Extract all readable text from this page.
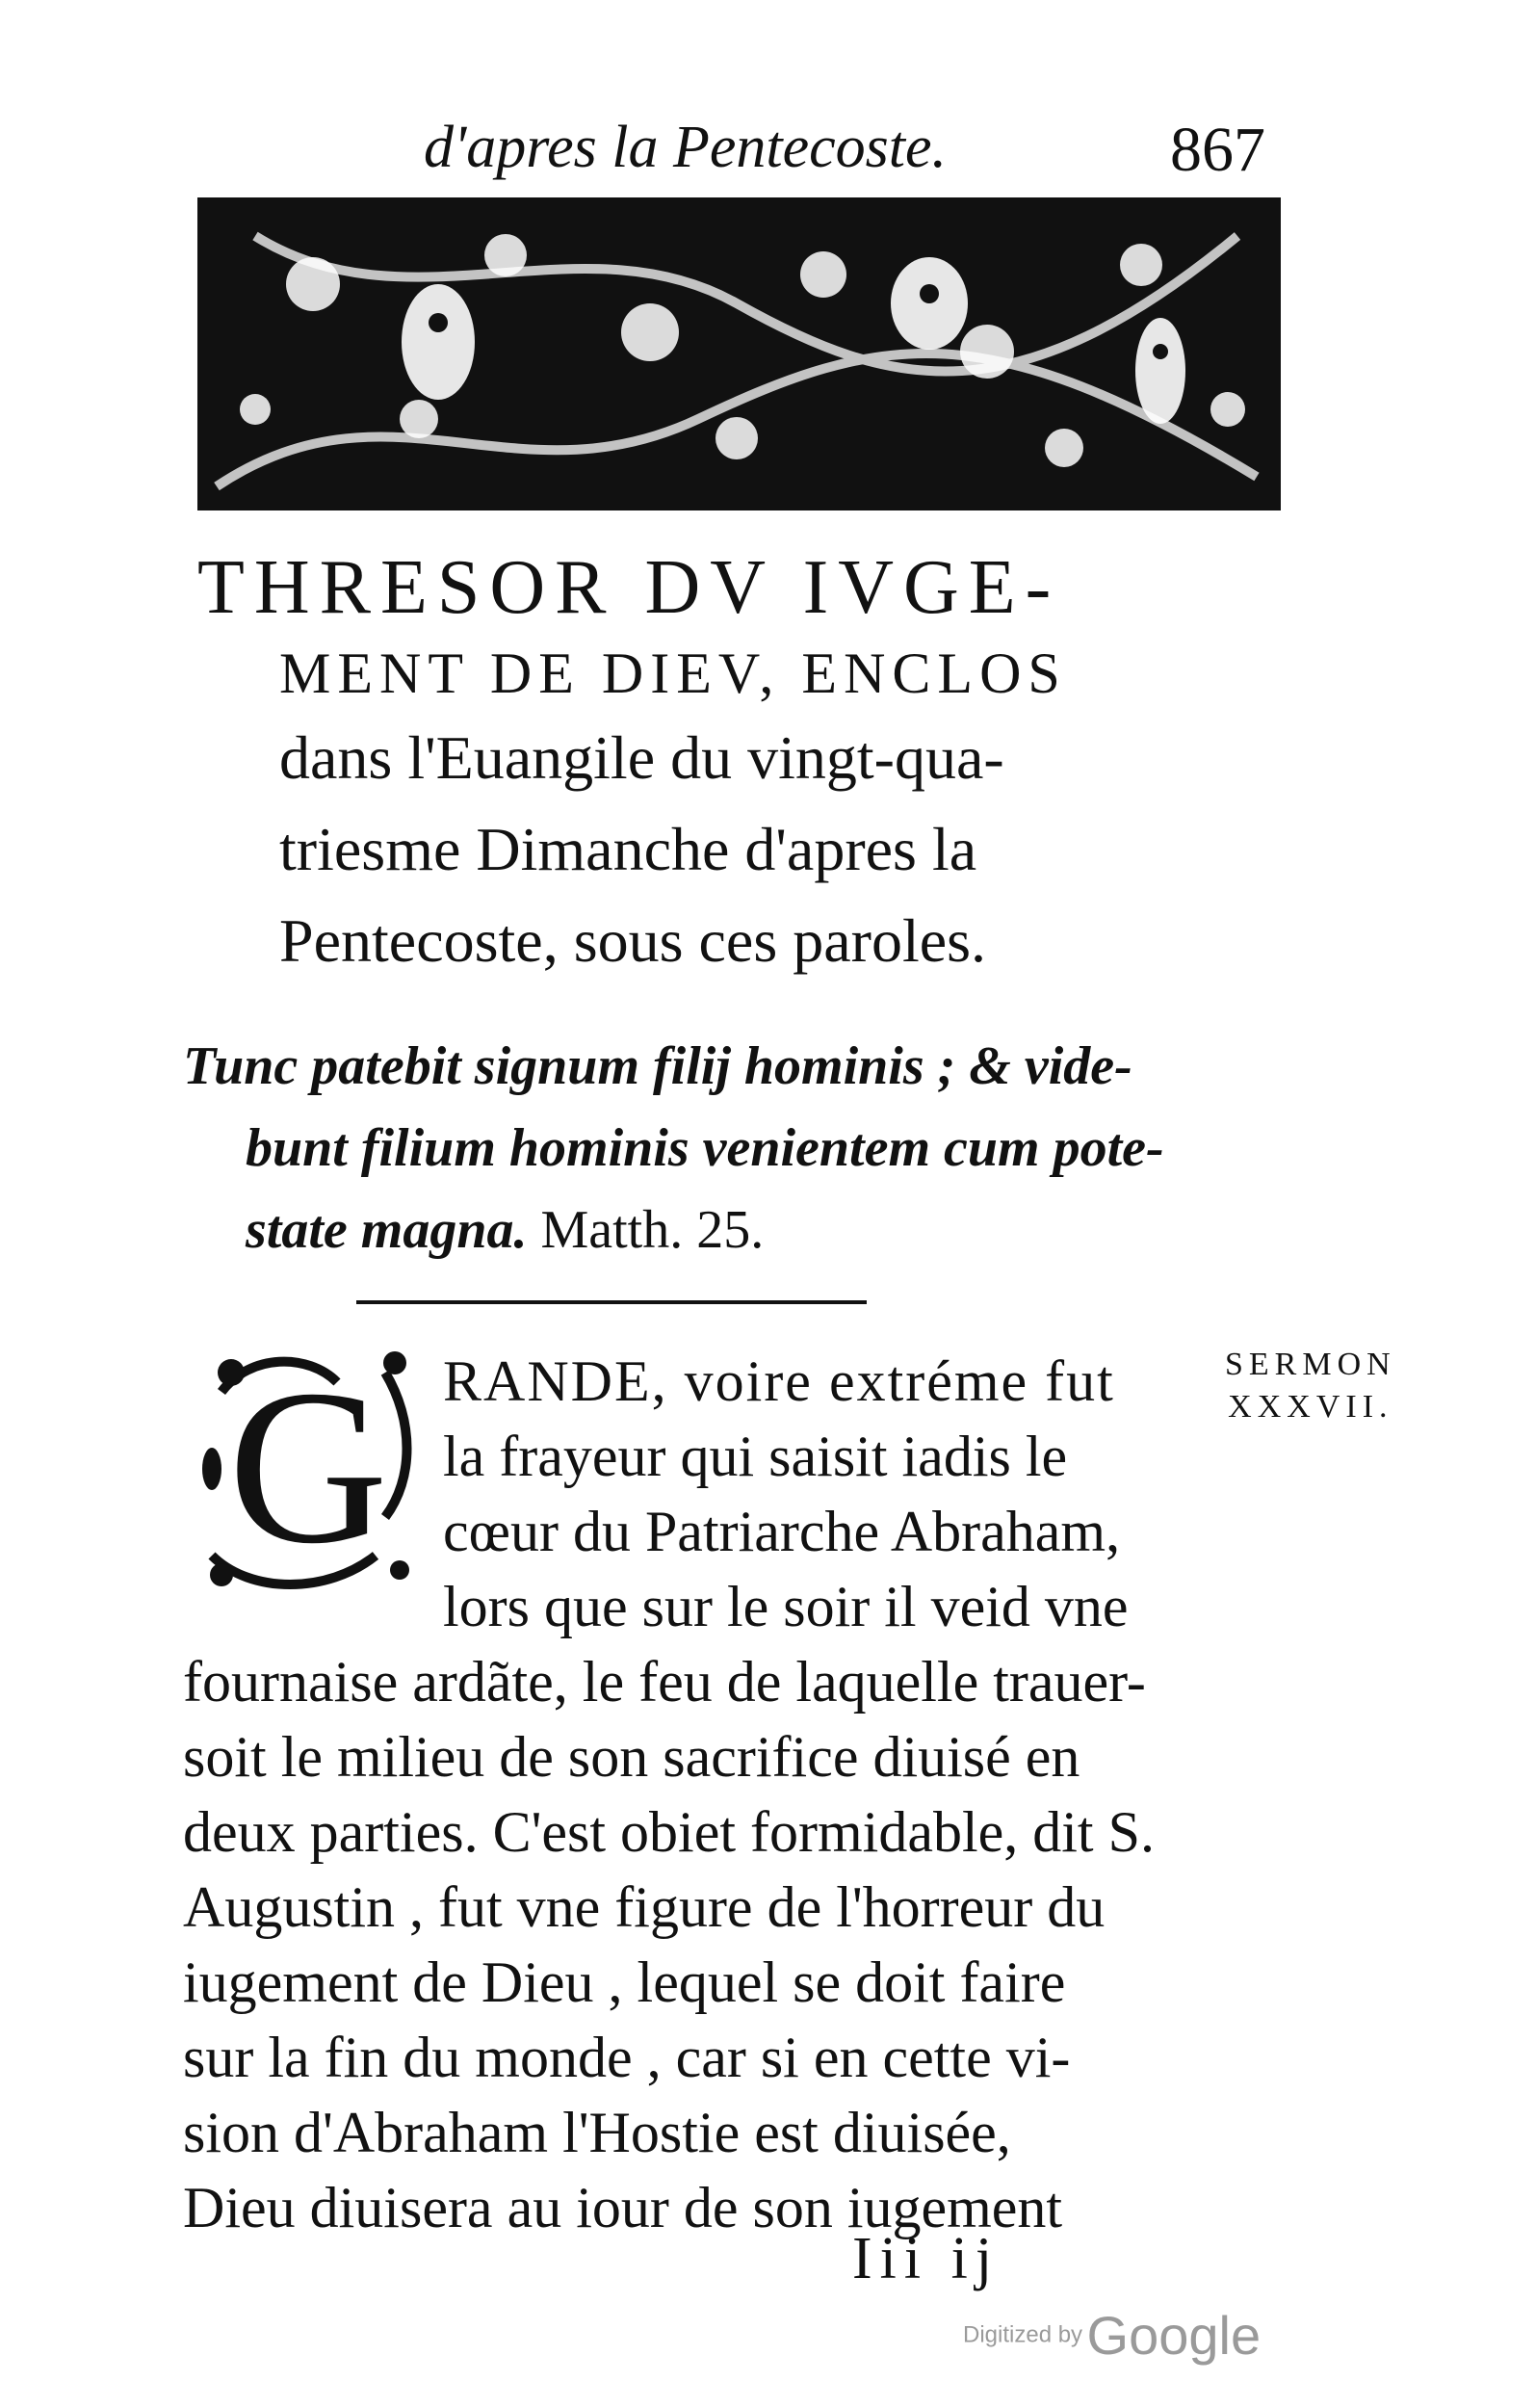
d'apres la Pentecoste.	867
THRESOR DV IVGE-
MENT DE DIEV, ENCLOS
dans l'Euangile du vingt-qua-
triesme Dimanche d'apres la
Pentecoste, sous ces paroles.
Tunc patebit signum filij hominis ; & vide-
bunt filium hominis venientem cum pote-
state magna. Matth. 25.
SERMON
XXXVII.
G RANDE, voire extréme fut
la frayeur qui saisit iadis le
cœur du Patriarche Abraham,
lors que sur le soir il veid vne
fournaise ardãte, le feu de laquelle trauer-
soit le milieu de son sacrifice diuisé en
deux parties. C'est obiet formidable, dit S.
Augustin , fut vne figure de l'horreur du
iugement de Dieu , lequel se doit faire
sur la fin du monde , car si en cette vi-
sion d'Abraham l'Hostie est diuisée,
Dieu diuisera au iour de son iugement
Iii ij
Digitized by Google
